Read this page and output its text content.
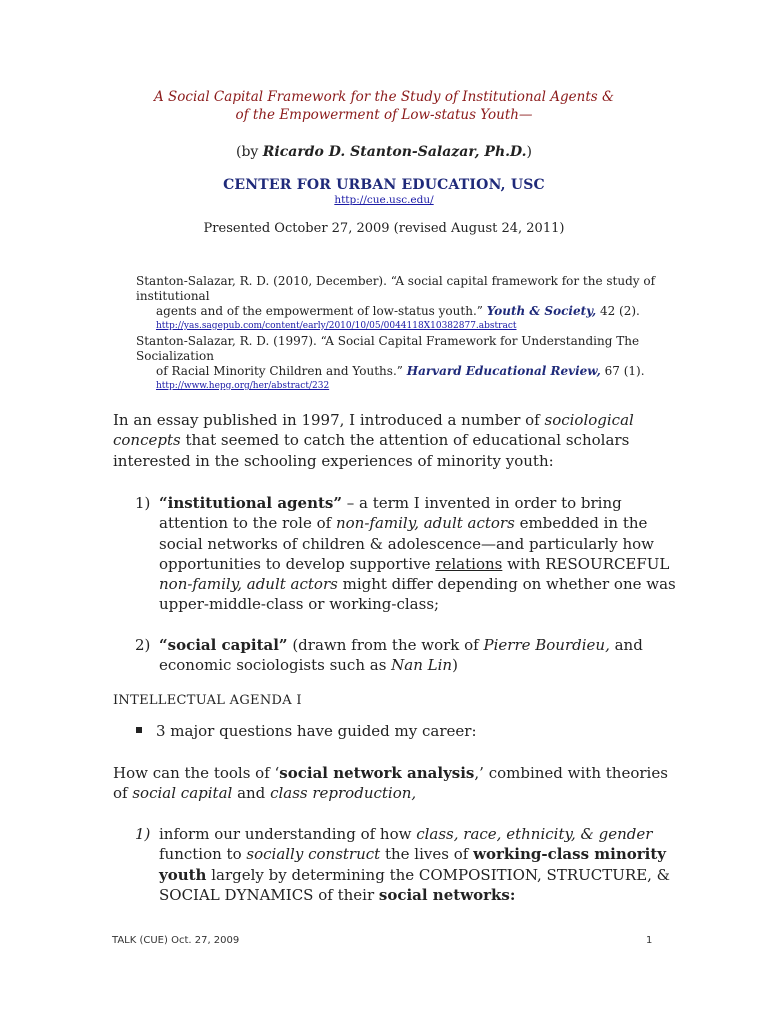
A Social Capital Framework for the Study of Institutional Agents &
of the Empowerment of Low-status Youth—
(by Ricardo D. Stanton-Salazar, Ph.D.)
CENTER FOR URBAN EDUCATION, USC
http://cue.usc.edu/
Presented October 27, 2009 (revised August 24, 2011)
Stanton-Salazar, R. D. (2010, December). “A social capital framework for the study of institutional
agents and of the empowerment of low-status youth.” Youth & Society, 42 (2).
http://yas.sagepub.com/content/early/2010/10/05/0044118X10382877.abstract
Stanton-Salazar, R. D. (1997). “A Social Capital Framework for Understanding The Socialization
of Racial Minority Children and Youths.” Harvard Educational Review, 67 (1).
http://www.hepg.org/her/abstract/232
In an essay published in 1997, I introduced a number of sociological concepts that seemed to catch the attention of educational scholars interested in the schooling experiences of minority youth:
1) “institutional agents” – a term I invented in order to bring attention to the role of non-family, adult actors embedded in the social networks of children & adolescence—and particularly how opportunities to develop supportive relations with RESOURCEFUL non-family, adult actors might differ depending on whether one was upper-middle-class or working-class;
2) “social capital” (drawn from the work of Pierre Bourdieu, and economic sociologists such as Nan Lin)
INTELLECTUAL AGENDA I
3 major questions have guided my career:
How can the tools of ‘social network analysis,’ combined with theories of social capital and class reproduction,
1) inform our understanding of how class, race, ethnicity, & gender function to socially construct the lives of working-class minority youth largely by determining the COMPOSITION, STRUCTURE, & SOCIAL DYNAMICS of their social networks:
TALK (CUE) Oct. 27, 2009	1
